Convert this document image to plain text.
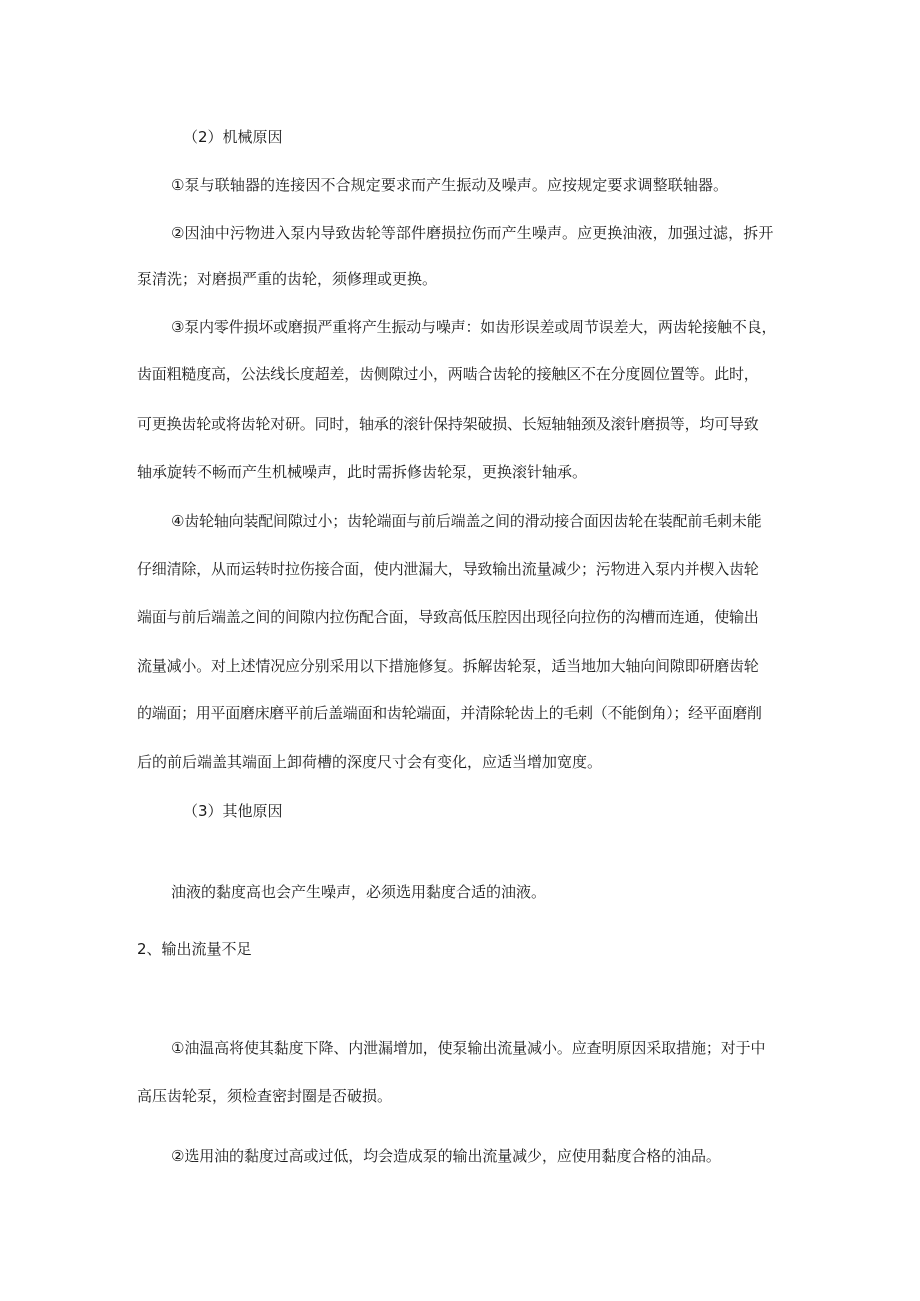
（2）机械原因
①泵与联轴器的连接因不合规定要求而产生振动及噪声。应按规定要求调整联轴器。
②因油中污物进入泵内导致齿轮等部件磨损拉伤而产生噪声。应更换油液，加强过滤，拆开
泵清洗；对磨损严重的齿轮，须修理或更换。
③泵内零件损坏或磨损严重将产生振动与噪声：如齿形误差或周节误差大，两齿轮接触不良，
齿面粗糙度高，公法线长度超差，齿侧隙过小，两啮合齿轮的接触区不在分度圆位置等。此时，
可更换齿轮或将齿轮对研。同时，轴承的滚针保持架破损、长短轴轴颈及滚针磨损等，均可导致
轴承旋转不畅而产生机械噪声，此时需拆修齿轮泵，更换滚针轴承。
④齿轮轴向装配间隙过小；齿轮端面与前后端盖之间的滑动接合面因齿轮在装配前毛刺未能
仔细清除，从而运转时拉伤接合面，使内泄漏大，导致输出流量减少；污物进入泵内并楔入齿轮
端面与前后端盖之间的间隙内拉伤配合面，导致高低压腔因出现径向拉伤的沟槽而连通，使输出
流量减小。对上述情况应分别采用以下措施修复。拆解齿轮泵，适当地加大轴向间隙即研磨齿轮
的端面；用平面磨床磨平前后盖端面和齿轮端面，并清除轮齿上的毛刺（不能倒角）；经平面磨削
后的前后端盖其端面上卸荷槽的深度尺寸会有变化，应适当增加宽度。
（3）其他原因
油液的黏度高也会产生噪声，必须选用黏度合适的油液。
2、输出流量不足
①油温高将使其黏度下降、内泄漏增加，使泵输出流量减小。应查明原因采取措施；对于中
高压齿轮泵，须检查密封圈是否破损。
②选用油的黏度过高或过低，均会造成泵的输出流量减少，应使用黏度合格的油品。
